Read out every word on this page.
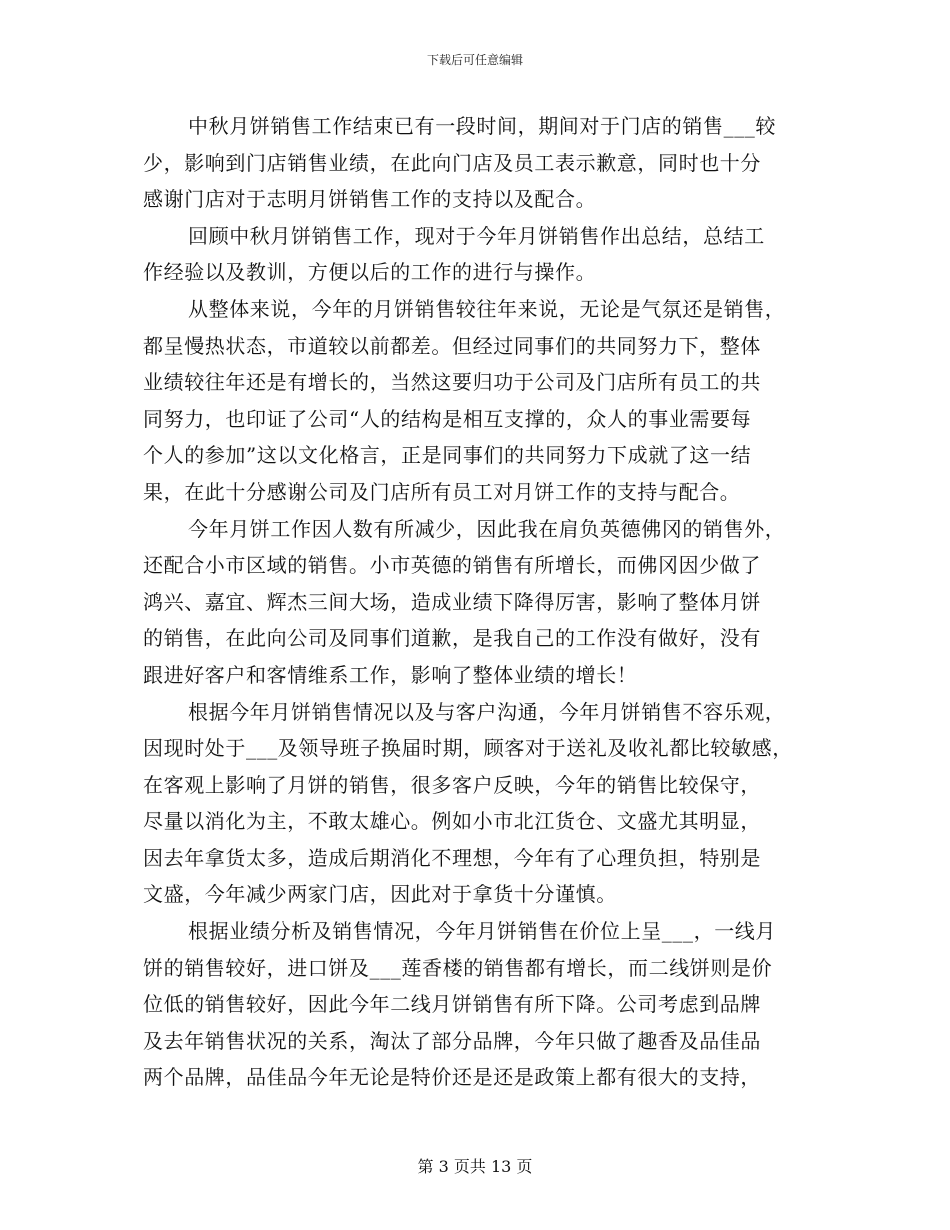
下载后可任意编辑
中秋月饼销售工作结束已有一段时间，期间对于门店的销售___较
少，影响到门店销售业绩，在此向门店及员工表示歉意，同时也十分
感谢门店对于志明月饼销售工作的支持以及配合。
回顾中秋月饼销售工作，现对于今年月饼销售作出总结，总结工
作经验以及教训，方便以后的工作的进行与操作。
从整体来说，今年的月饼销售较往年来说，无论是气氛还是销售，
都呈慢热状态，市道较以前都差。但经过同事们的共同努力下，整体
业绩较往年还是有增长的，当然这要归功于公司及门店所有员工的共
同努力，也印证了公司“人的结构是相互支撑的，众人的事业需要每
个人的参加”这以文化格言，正是同事们的共同努力下成就了这一结
果，在此十分感谢公司及门店所有员工对月饼工作的支持与配合。
今年月饼工作因人数有所减少，因此我在肩负英德佛冈的销售外，
还配合小市区域的销售。小市英德的销售有所增长，而佛冈因少做了
鸿兴、嘉宜、辉杰三间大场，造成业绩下降得厉害，影响了整体月饼
的销售，在此向公司及同事们道歉，是我自己的工作没有做好，没有
跟进好客户和客情维系工作，影响了整体业绩的增长！
根据今年月饼销售情况以及与客户沟通，今年月饼销售不容乐观，
因现时处于___及领导班子换届时期，顾客对于送礼及收礼都比较敏感，
在客观上影响了月饼的销售，很多客户反映，今年的销售比较保守，
尽量以消化为主，不敢太雄心。例如小市北江货仓、文盛尤其明显，
因去年拿货太多，造成后期消化不理想，今年有了心理负担，特别是
文盛，今年减少两家门店，因此对于拿货十分谨慎。
根据业绩分析及销售情况，今年月饼销售在价位上呈___，一线月
饼的销售较好，进口饼及___莲香楼的销售都有增长，而二线饼则是价
位低的销售较好，因此今年二线月饼销售有所下降。公司考虑到品牌
及去年销售状况的关系，淘汰了部分品牌，今年只做了趣香及品佳品
两个品牌，品佳品今年无论是特价还是还是政策上都有很大的支持，
第 3 页共 13 页
